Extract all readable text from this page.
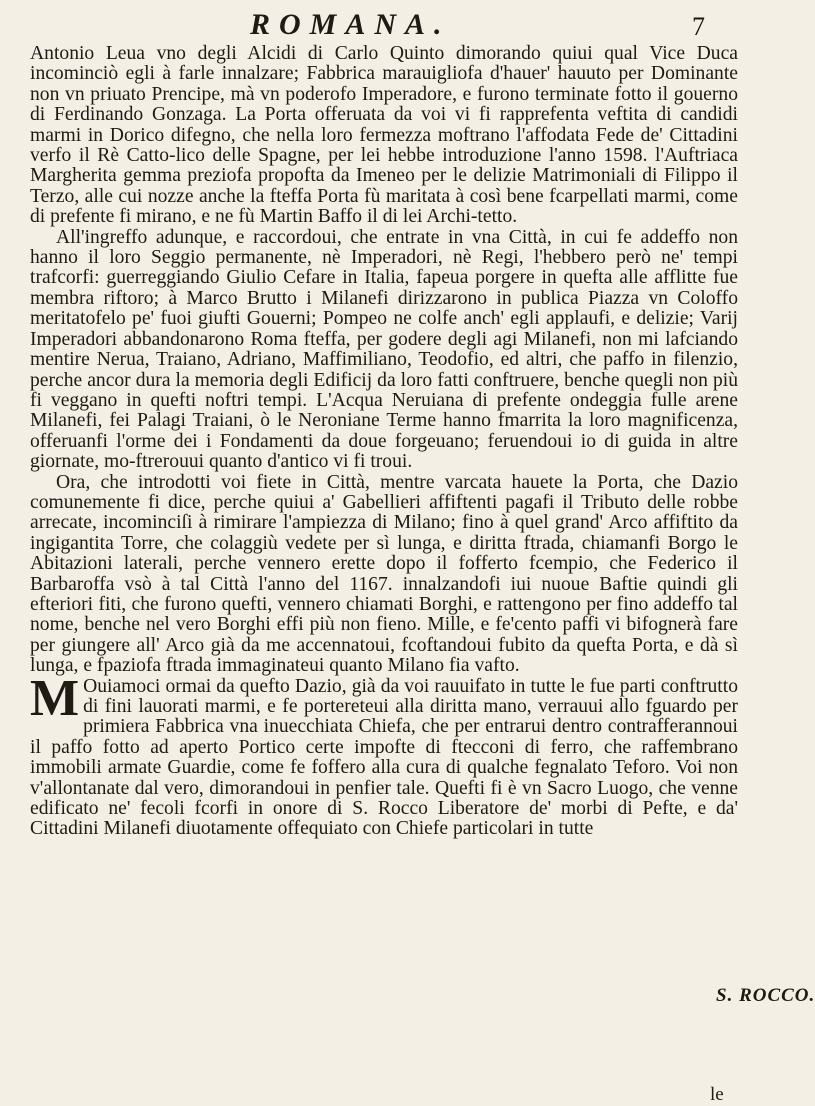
ROMANA.	7

Antonio Leua vno degli Alcidi di Carlo Quinto dimorando quiui qual Vice Duca incominciò egli à farle innalzare; Fabbrica marauigliofa d'hauer' hauuto per Dominante non vn priuato Prencipe, mà vn poderofo Imperadore, e furono terminate fotto il gouerno di Ferdinando Gonzaga. La Porta offeruata da voi vi fi rapprefenta veftita di candidi marmi in Dorico difegno, che nella loro fermezza moftrano l'affodata Fede de' Cittadini verfo il Rè Catto-lico delle Spagne, per lei hebbe introduzione l'anno 1598. l'Auftriaca Margherita gemma preziofa propofta da Imeneo per le delizie Matrimoniali di Filippo il Terzo, alle cui nozze anche la fteffa Porta fù maritata à così bene fcarpellati marmi, come di prefente fi mirano, e ne fù Martin Baffo il di lei Archi-tetto.

All'ingreffo adunque, e raccordoui, che entrate in vna Città, in cui fe addeffo non hanno il loro Seggio permanente, nè Imperadori, nè Regi, l'hebbero però ne' tempi trafcorfi: guerreggiando Giulio Cefare in Italia, fapeua porgere in quefta alle afflitte fue membra riftoro; à Marco Brutto i Milanefi dirizzarono in publica Piazza vn Coloffo meritatofelo pe' fuoi giufti Gouerni; Pompeo ne colfe anch' egli applaufi, e delizie; Varij Imperadori abbandonarono Roma fteffa, per godere degli agi Milanefi, non mi lafciando mentire Nerua, Traiano, Adriano, Maffimiliano, Teodofio, ed altri, che paffo in filenzio, perche ancor dura la memoria degli Edificij da loro fatti conftruere, benche quegli non più fi veggano in quefti noftri tempi. L'Acqua Neruiana di prefente ondeggia fulle arene Milanefi, fei Palagi Traiani, ò le Neroniane Terme hanno fmarrita la loro magnificenza, offeruanfi l'orme dei i Fondamenti da doue forgeuano; feruendoui io di guida in altre giornate, mo-ftrerouui quanto d'antico vi fi troui.

Ora, che introdotti voi fiete in Città, mentre varcata hauete la Porta, che Dazio comunemente fi dice, perche quiui a' Gabellieri affiftenti pagafi il Tributo delle robbe arrecate, incominciſi à rimirare l'ampiezza di Milano; fino à quel grand' Arco affiftito da ingigantita Torre, che colaggiù vedete per sì lunga, e diritta ftrada, chiamanfi Borgo le Abitazioni laterali, perche vennero erette dopo il fofferto fcempio, che Federico il Barbaroffa vsò à tal Città l'anno del 1167. innalzandofi iui nuoue Baftie quindi gli efteriori fiti, che furono quefti, vennero chiamati Borghi, e rattengono per fino addeffo tal nome, benche nel vero Borghi effi più non fieno. Mille, e fe'cento paffi vi bifognerà fare per giungere all' Arco già da me accennatoui, fcoftandoui fubito da quefta Porta, e dà sì lunga, e fpaziofa ftrada immaginateui quanto Milano fia vafto.

M Ouiamoci ormai da quefto Dazio, già da voi rauuifato in tutte le fue parti conftrutto di fini lauorati marmi, e fe portereteui alla diritta mano, verrauui allo fguardo per primiera Fabbrica vna inuecchiata Chiefa, che per entrarui dentro contrafferannoui il paffo fotto ad aperto Portico certe impofte di ftecconi di ferro, che raffembrano immobili armate Guardie, come fe foffero alla cura di qualche fegnalato Teforo. Voi non v'allontanate dal vero, dimorandoui in penfier tale. Quefti fi è vn Sacro Luogo, che venne edificato ne' fecoli fcorfi in onore di S. Rocco Liberatore de' morbi di Pefte, e da' Cittadini Milanefi diuotamente offequiato con Chiefe particolari in tutte

S. ROCCO.
le
